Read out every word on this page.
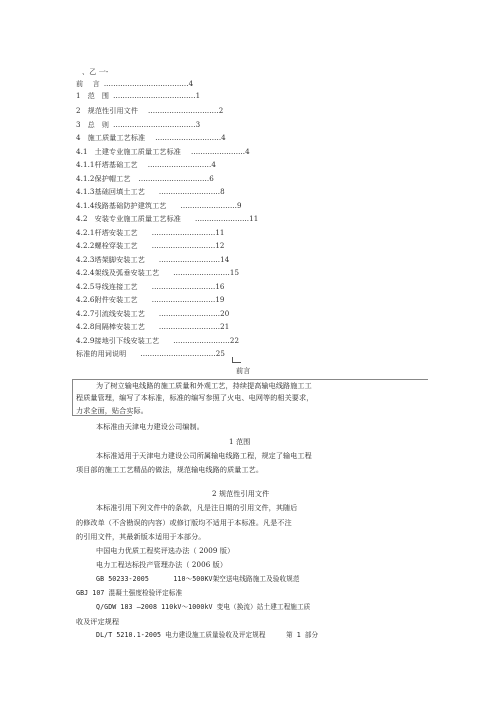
、乙 一-
前    言 ....................................4
1   范   围 ...................................1
2   规范性引用文件 ..............................2
3   总   则 ...................................3
4   施工质量工艺标准 ............................4
4.1   土建专业施工质量工艺标准 .......................4
4.1.1杆塔基础工艺 ...........................4
4.1.2保护帽工艺 ..............................6
4.1.3基础回填土工艺 ..........................8
4.1.4线路基础防护建筑工艺 ........................9
4.2   安装专业施工质量工艺标准 .......................11
4.2.1杆塔安装工艺 ...........................11
4.2.2螺栓穿装工艺 ...........................12
4.2.3塔架脚安装工艺 ..........................14
4.2.4架线及弧垂安装工艺 ........................15
4.2.5导线连接工艺 ...........................16
4.2.6附件安装工艺 ...........................19
4.2.7引流线安装工艺 ..........................20
4.2.8间隔棒安装工艺 ..........................21
4.2.9接地引下线安装工艺 ........................22
标准的用词说明 ................................25
前言
为了树立输电线路的施工质量和外观工艺，持续提高输电线路施工工
程质量管理，编写了本标准，标准的编写参照了火电、电网等的相关要求，
力求全面，贴合实际。
本标准由天津电力建设公司编制。
1 范围
本标准适用于天津电力建设公司所属输电线路工程，规定了输电工程
项目部的施工工艺精品的做法，规范输电线路的质量工艺。
2 规范性引用文件
本标准引用下列文件中的条款，凡是注日期的引用文件，其随后
的修改单（不含勘误的内容）或修订版均不适用于本标准。凡是不注
的引用文件，其最新版本适用于本部分。
中国电力优质工程奖评选办法（ 2009 版）
电力工程达标投产管理办法（ 2006 版）
GB 50233-2005      110～500KV架空送电线路施工及验收规范
GBJ 107 混凝土强度检验评定标准
Q/GDW 183 —2008 110kV～1000kV 变电（换流）站土建工程施工质
收及评定规程
DL/T 5210.1-2005 电力建设施工质量验收及评定规程     第 1 部分
